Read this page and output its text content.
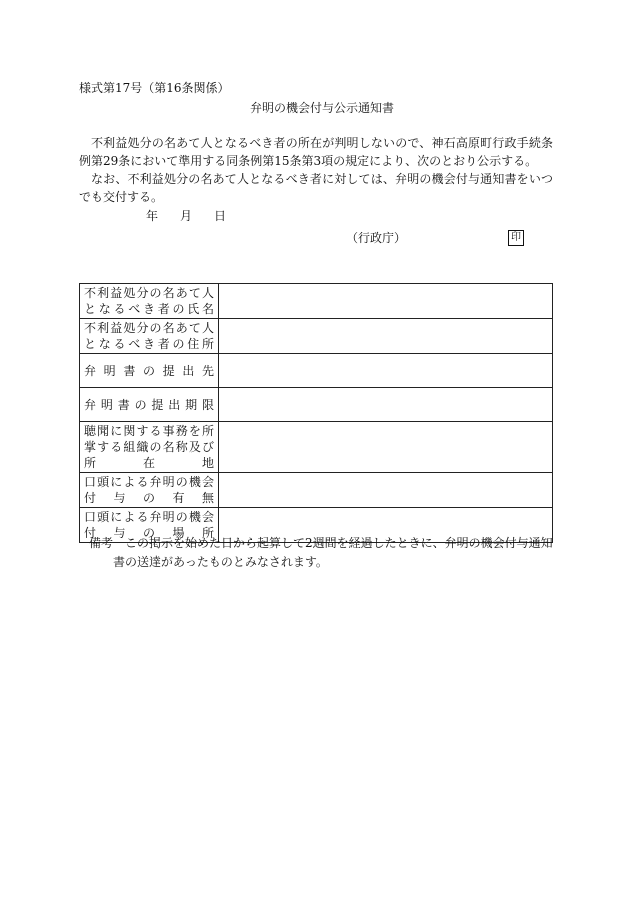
様式第17号（第16条関係）
弁明の機会付与公示通知書

不利益処分の名あて人となるべき者の所在が判明しないので、神石高原町行政手続条例第29条において準用する同条例第15条第3項の規定により、次のとおり公示する。

なお、不利益処分の名あて人となるべき者に対しては、弁明の機会付与通知書をいつでも交付する。

年 月 日
（行政庁）	印
不利益処分の名あて人となるべき者の氏名	
不利益処分の名あて人となるべき者の住所	
弁明書の提出先	
弁明書の提出期限	
聴聞に関する事務を所掌する組織の名称及び所在地	
口頭による弁明の機会付与の有無	
口頭による弁明の機会付与の場所	
備考 この掲示を始めた日から起算して2週間を経過したときに、弁明の機会付与通知
書の送達があったものとみなされます。
